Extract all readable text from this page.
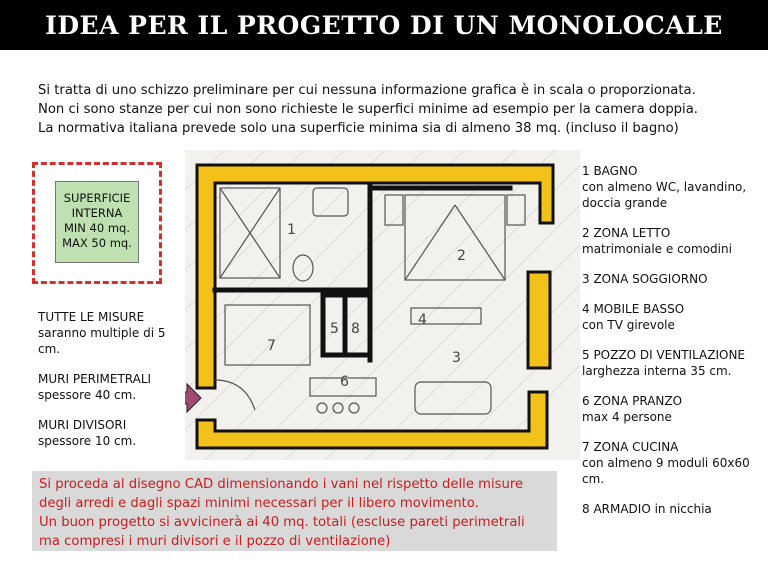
IDEA PER IL PROGETTO DI UN MONOLOCALE

Si tratta di uno schizzo preliminare per cui nessuna informazione grafica è in scala o proporzionata.

Non ci sono stanze per cui non sono richieste le superfici minime ad esempio per la camera doppia.

La normativa italiana prevede solo una superficie minima sia di almeno 38 mq. (incluso il bagno)

SUPERFICIE
INTERNA
MIN 40 mq.
MAX 50 mq.

TUTTE LE MISURE
saranno multiple di 5 cm.

MURI PERIMETRALI
spessore 40 cm.

MURI DIVISORI
spessore 10 cm.

1 BAGNO
con almeno WC, lavandino, doccia grande

2 ZONA LETTO
matrimoniale e comodini

3 ZONA SOGGIORNO

4 MOBILE BASSO
con TV girevole

5 POZZO DI VENTILAZIONE
larghezza interna 35 cm.

6 ZONA PRANZO
max 4 persone

7 ZONA CUCINA
con almeno 9 moduli 60x60 cm.

8 ARMADIO in nicchia

Si proceda al disegno CAD dimensionando i vani nel rispetto delle misure

degli arredi e dagli spazi minimi necessari per il libero movimento.

Un buon progetto si avvicinerà ai 40 mq. totali (escluse pareti perimetrali

ma compresi i muri divisori e il pozzo di ventilazione)

1
2
3
4
5 8
6
7
